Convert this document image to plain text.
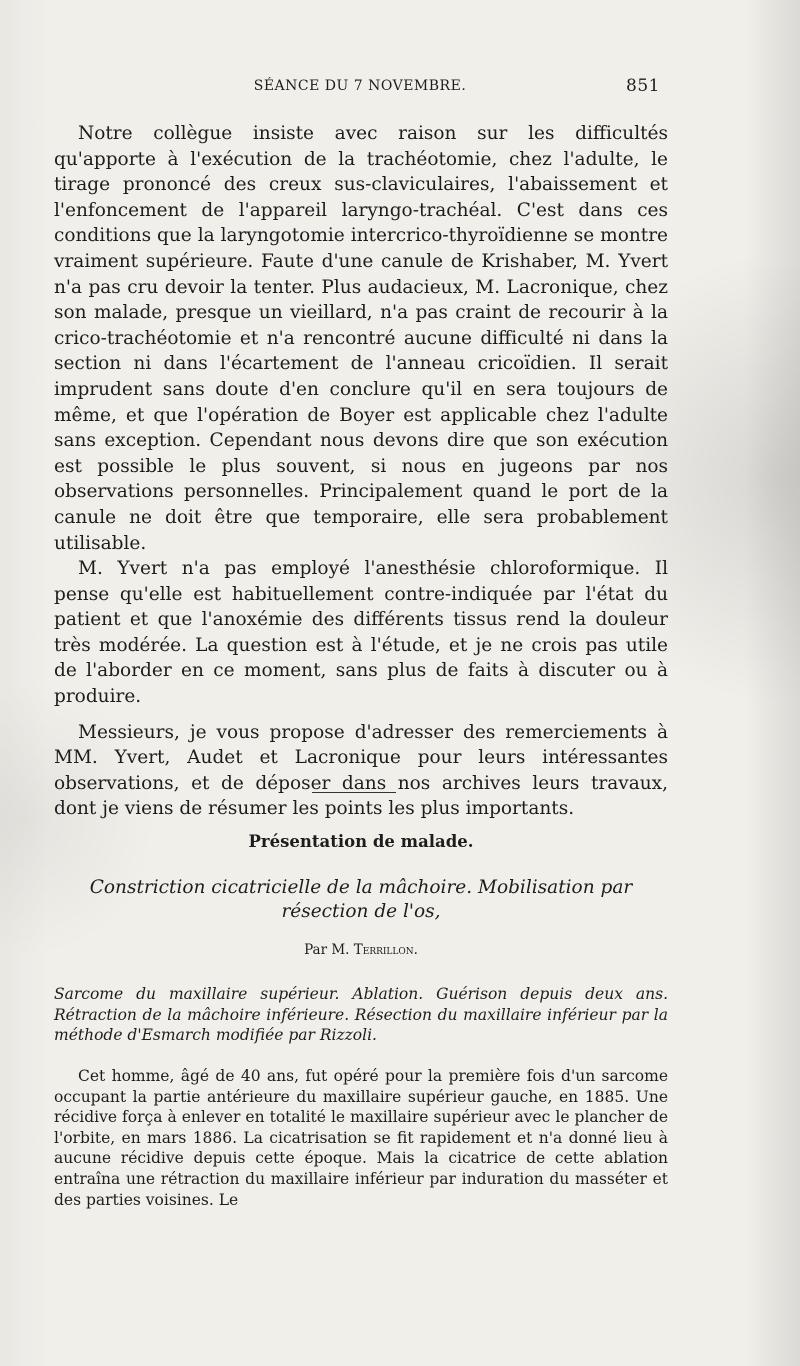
SÉANCE DU 7 NOVEMBRE.	851

Notre collègue insiste avec raison sur les difficultés qu'apporte à l'exécution de la trachéotomie, chez l'adulte, le tirage prononcé des creux sus-claviculaires, l'abaissement et l'enfoncement de l'appareil laryngo-trachéal. C'est dans ces conditions que la laryngotomie intercrico-thyroïdienne se montre vraiment supérieure. Faute d'une canule de Krishaber, M. Yvert n'a pas cru devoir la tenter. Plus audacieux, M. Lacronique, chez son malade, presque un vieillard, n'a pas craint de recourir à la crico-trachéotomie et n'a rencontré aucune difficulté ni dans la section ni dans l'écartement de l'anneau cricoïdien. Il serait imprudent sans doute d'en conclure qu'il en sera toujours de même, et que l'opération de Boyer est applicable chez l'adulte sans exception. Cependant nous devons dire que son exécution est possible le plus souvent, si nous en jugeons par nos observations personnelles. Principalement quand le port de la canule ne doit être que temporaire, elle sera probablement utilisable.

M. Yvert n'a pas employé l'anesthésie chloroformique. Il pense qu'elle est habituellement contre-indiquée par l'état du patient et que l'anoxémie des différents tissus rend la douleur très modérée. La question est à l'étude, et je ne crois pas utile de l'aborder en ce moment, sans plus de faits à discuter ou à produire.

Messieurs, je vous propose d'adresser des remerciements à MM. Yvert, Audet et Lacronique pour leurs intéressantes observations, et de déposer dans nos archives leurs travaux, dont je viens de résumer les points les plus importants.

Présentation de malade.
Constriction cicatricielle de la mâchoire. Mobilisation par résection de l'os,
Par M. Terrillon.

Sarcome du maxillaire supérieur. Ablation. Guérison depuis deux ans. Rétraction de la mâchoire inférieure. Résection du maxillaire inférieur par la méthode d'Esmarch modifiée par Rizzoli.

Cet homme, âgé de 40 ans, fut opéré pour la première fois d'un sarcome occupant la partie antérieure du maxillaire supérieur gauche, en 1885. Une récidive força à enlever en totalité le maxillaire supérieur avec le plancher de l'orbite, en mars 1886. La cicatrisation se fit rapidement et n'a donné lieu à aucune récidive depuis cette époque. Mais la cicatrice de cette ablation entraîna une rétraction du maxillaire inférieur par induration du masséter et des parties voisines. Le
